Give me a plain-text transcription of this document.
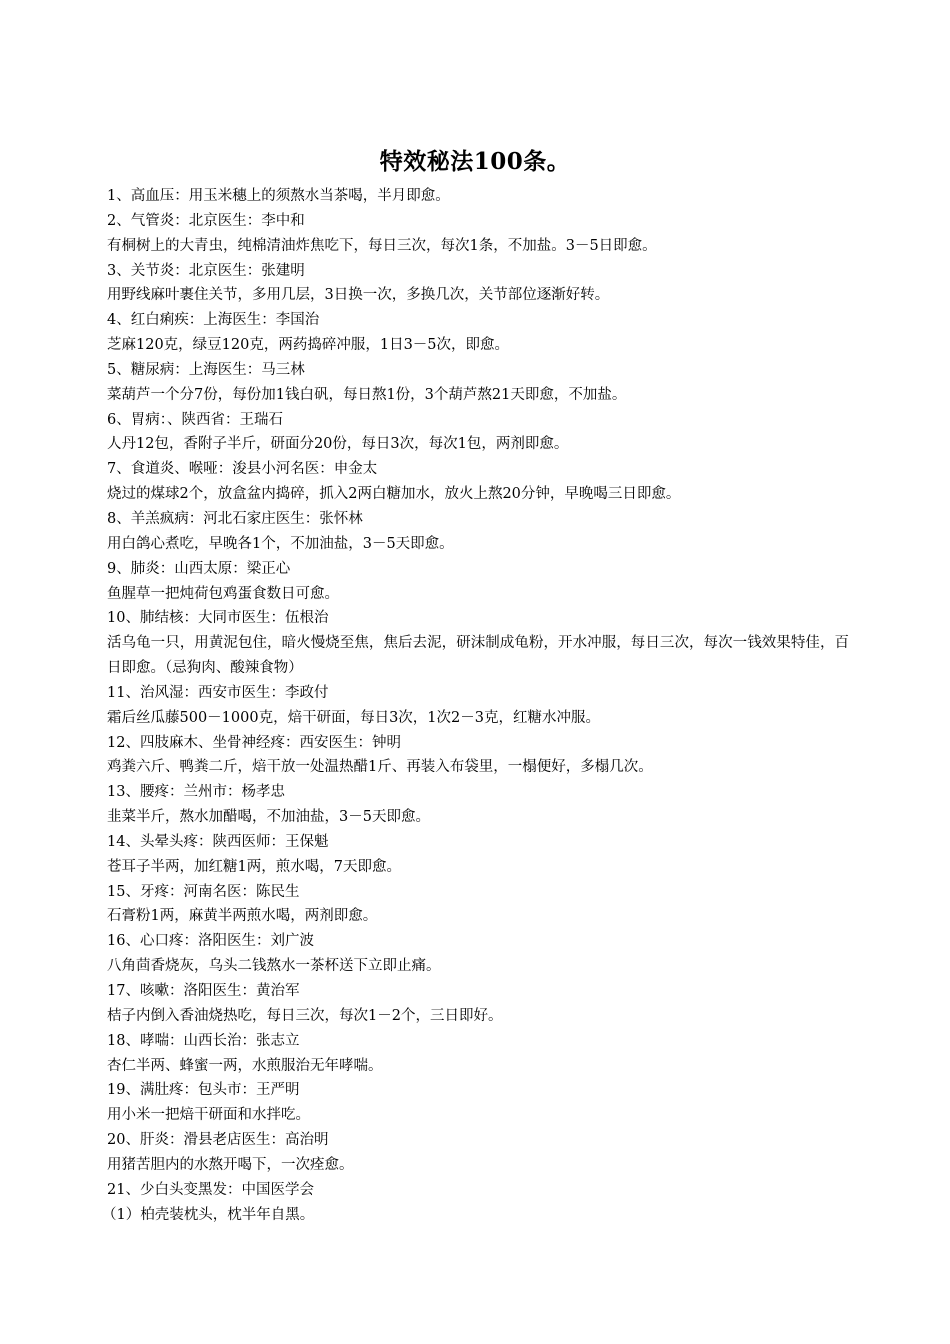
特效秘法100条。
1、高血压：用玉米穗上的须熬水当茶喝，半月即愈。
2、气管炎：北京医生：李中和
有桐树上的大青虫，纯棉清油炸焦吃下，每日三次，每次1条，不加盐。3－5日即愈。
3、关节炎：北京医生：张建明
用野线麻叶裹住关节，多用几层，3日换一次，多换几次，关节部位逐渐好转。
4、红白痢疾：上海医生：李国治
芝麻120克，绿豆120克，两药捣碎冲服，1日3－5次，即愈。
5、糖尿病：上海医生：马三林
菜葫芦一个分7份，每份加1钱白矾，每日熬1份，3个葫芦熬21天即愈，不加盐。
6、胃病：、陕西省：王瑞石
人丹12包，香附子半斤，研面分20份，每日3次，每次1包，两剂即愈。
7、食道炎、喉哑：浚县小河名医：申金太
烧过的煤球2个，放盒盆内捣碎，抓入2两白糖加水，放火上熬20分钟，早晚喝三日即愈。
8、羊羔疯病：河北石家庄医生：张怀林
用白鸽心煮吃，早晚各1个，不加油盐，3－5天即愈。
9、肺炎：山西太原：梁正心
鱼腥草一把炖荷包鸡蛋食数日可愈。
10、肺结核：大同市医生：伍根治
活乌龟一只，用黄泥包住，暗火慢烧至焦，焦后去泥，研沫制成龟粉，开水冲服，每日三次，每次一钱效果特佳，百日即愈。（忌狗肉、酸辣食物）
11、治风湿：西安市医生：李政付
霜后丝瓜藤500－1000克，焙干研面，每日3次，1次2－3克，红糖水冲服。
12、四肢麻木、坐骨神经疼：西安医生：钟明
鸡粪六斤、鸭粪二斤，焙干放一处温热醋1斤、再装入布袋里，一榻便好，多榻几次。
13、腰疼：兰州市：杨孝忠
韭菜半斤，熬水加醋喝，不加油盐，3－5天即愈。
14、头晕头疼：陕西医师：王保魁
苍耳子半两，加红糖1两，煎水喝，7天即愈。
15、牙疼：河南名医：陈民生
石膏粉1两，麻黄半两煎水喝，两剂即愈。
16、心口疼：洛阳医生：刘广波
八角茴香烧灰，乌头二钱熬水一茶杯送下立即止痛。
17、咳嗽：洛阳医生：黄治军
桔子内倒入香油烧热吃，每日三次，每次1－2个，三日即好。
18、哮喘：山西长治：张志立
杏仁半两、蜂蜜一两，水煎服治无年哮喘。
19、满肚疼：包头市：王严明
用小米一把焙干研面和水拌吃。
20、肝炎：滑县老店医生：高治明
用猪苦胆内的水熬开喝下，一次痊愈。
21、少白头变黑发：中国医学会
（1）柏壳装枕头，枕半年自黑。
